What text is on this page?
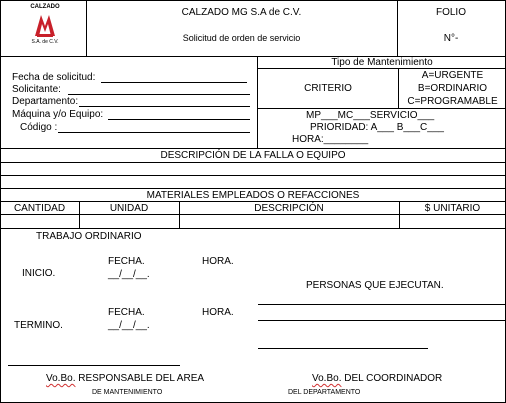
CALZADO
S.A. de C.V.
CALZADO MG S.A de C.V.
Solicitud de orden de servicio
FOLIO
N°-
Fecha de solicitud:
Solicitante:
Departamento:
Máquina y/o Equipo:
Código :
Tipo de Mantenimiento
CRITERIO
A=URGENTE
B=ORDINARIO
C=PROGRAMABLE
MP___MC___SERVICIO___
PRIORIDAD: A___ B___C___
HORA:________
DESCRIPCIÓN DE LA FALLA O EQUIPO
MATERIALES EMPLEADOS O REFACCIONES
CANTIDAD	UNIDAD	DESCRIPCIÓN	$ UNITARIO
TRABAJO ORDINARIO
FECHA.	HORA.
INICIO.	__/__/__.
PERSONAS QUE EJECUTAN.
FECHA.	HORA.
TERMINO.	__/__/__.
Vo.Bo. RESPONSABLE DEL AREA
DE MANTENIMIENTO
Vo.Bo. DEL COORDINADOR
DEL DEPARTAMENTO
